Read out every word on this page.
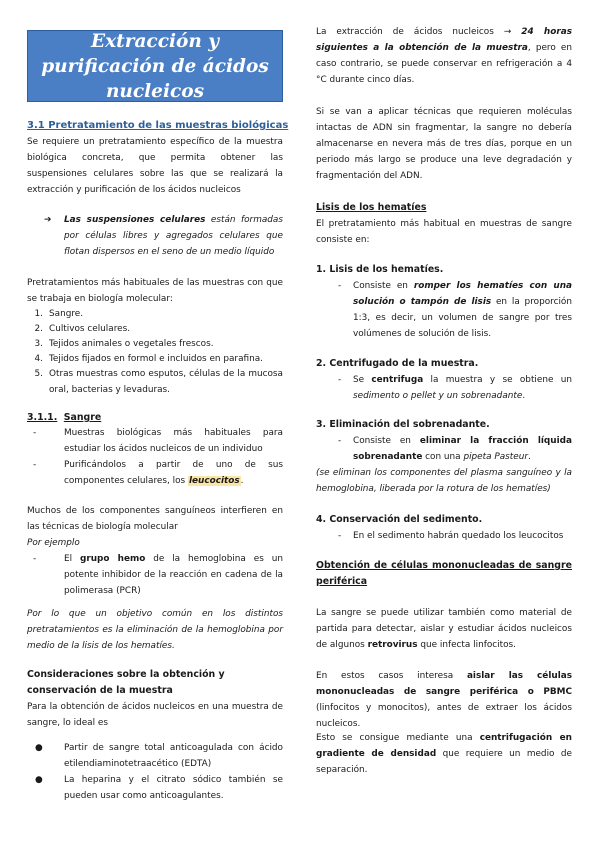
Extracción y purificación de ácidos nucleicos
3.1 Pretratamiento de las muestras biológicas
Se requiere un pretratamiento específico de la muestra biológica concreta, que permita obtener las suspensiones celulares sobre las que se realizará la extracción y purificación de los ácidos nucleicos
➔	Las suspensiones celulares están formadas por células libres y agregados celulares que flotan dispersos en el seno de un medio líquido
Pretratamientos más habituales de las muestras con que se trabaja en biología molecular:
1. Sangre.
2. Cultivos celulares.
3. Tejidos animales o vegetales frescos.
4. Tejidos fijados en formol e incluidos en parafina.
5. Otras muestras como esputos, células de la mucosa oral, bacterias y levaduras.
3.1.1. Sangre
-	Muestras biológicas más habituales para estudiar los ácidos nucleicos de un individuo
-	Purificándolos a partir de uno de sus componentes celulares, los leucocitos.
Muchos de los componentes sanguíneos interfieren en las técnicas de biología molecular
Por ejemplo
-	El grupo hemo de la hemoglobina es un potente inhibidor de la reacción en cadena de la polimerasa (PCR)
Por lo que un objetivo común en los distintos pretratamientos es la eliminación de la hemoglobina por medio de la lisis de los hematíes.
Consideraciones sobre la obtención y conservación de la muestra
Para la obtención de ácidos nucleicos en una muestra de sangre, lo ideal es
● Partir de sangre total anticoagulada con ácido etilendiaminotetraacético (EDTA)
● La heparina y el citrato sódico también se pueden usar como anticoagulantes.
La extracción de ácidos nucleicos → 24 horas siguientes a la obtención de la muestra, pero en caso contrario, se puede conservar en refrigeración a 4 °C durante cinco días.
Si se van a aplicar técnicas que requieren moléculas intactas de ADN sin fragmentar, la sangre no debería almacenarse en nevera más de tres días, porque en un periodo más largo se produce una leve degradación y fragmentación del ADN.
Lisis de los hematíes
El pretratamiento más habitual en muestras de sangre consiste en:
1. Lisis de los hematíes.
- Consiste en romper los hematíes con una solución o tampón de lisis en la proporción 1:3, es decir, un volumen de sangre por tres volúmenes de solución de lisis.
2. Centrifugado de la muestra.
- Se centrifuga la muestra y se obtiene un sedimento o pellet y un sobrenadante.
3. Eliminación del sobrenadante.
- Consiste en eliminar la fracción líquida sobrenadante con una pipeta Pasteur.
(se eliminan los componentes del plasma sanguíneo y la hemoglobina, liberada por la rotura de los hematíes)
4. Conservación del sedimento.
- En el sedimento habrán quedado los leucocitos
Obtención de células mononucleadas de sangre periférica
La sangre se puede utilizar también como material de partida para detectar, aislar y estudiar ácidos nucleicos de algunos retrovirus que infecta linfocitos.
En estos casos interesa aislar las células mononucleadas de sangre periférica o PBMC (linfocitos y monocitos), antes de extraer los ácidos nucleicos.
Esto se consigue mediante una centrifugación en gradiente de densidad que requiere un medio de separación.
